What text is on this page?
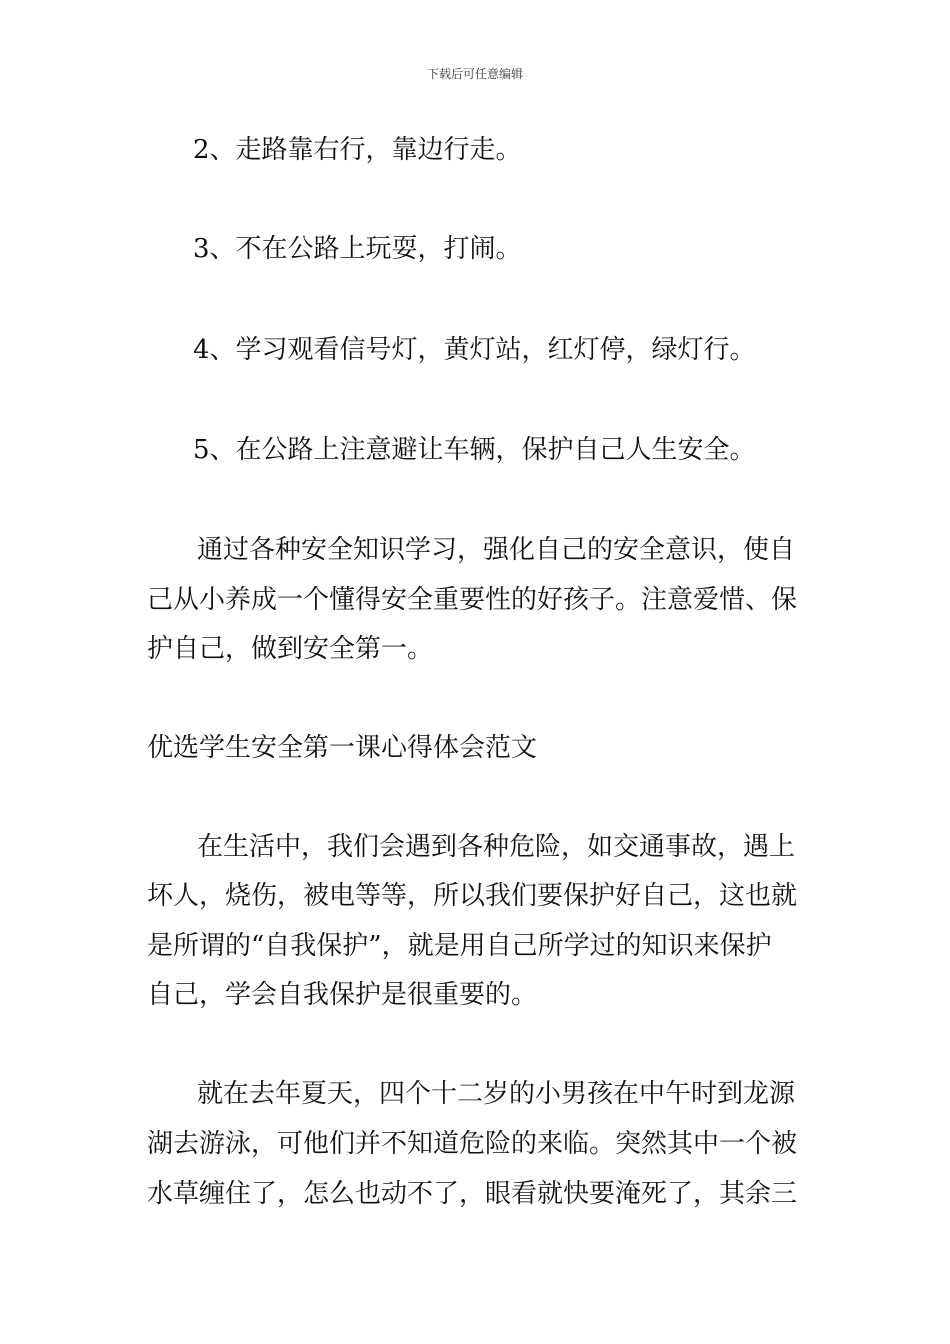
下载后可任意编辑
2、走路靠右行，靠边行走。
3、不在公路上玩耍，打闹。
4、学习观看信号灯，黄灯站，红灯停，绿灯行。
5、在公路上注意避让车辆，保护自己人生安全。
通过各种安全知识学习，强化自己的安全意识，使自
己从小养成一个懂得安全重要性的好孩子。注意爱惜、保
护自己，做到安全第一。
优选学生安全第一课心得体会范文
在生活中，我们会遇到各种危险，如交通事故，遇上
坏人，烧伤，被电等等，所以我们要保护好自己，这也就
是所谓的“自我保护”，就是用自己所学过的知识来保护
自己，学会自我保护是很重要的。
就在去年夏天，四个十二岁的小男孩在中午时到龙源
湖去游泳，可他们并不知道危险的来临。突然其中一个被
水草缠住了，怎么也动不了，眼看就快要淹死了，其余三
